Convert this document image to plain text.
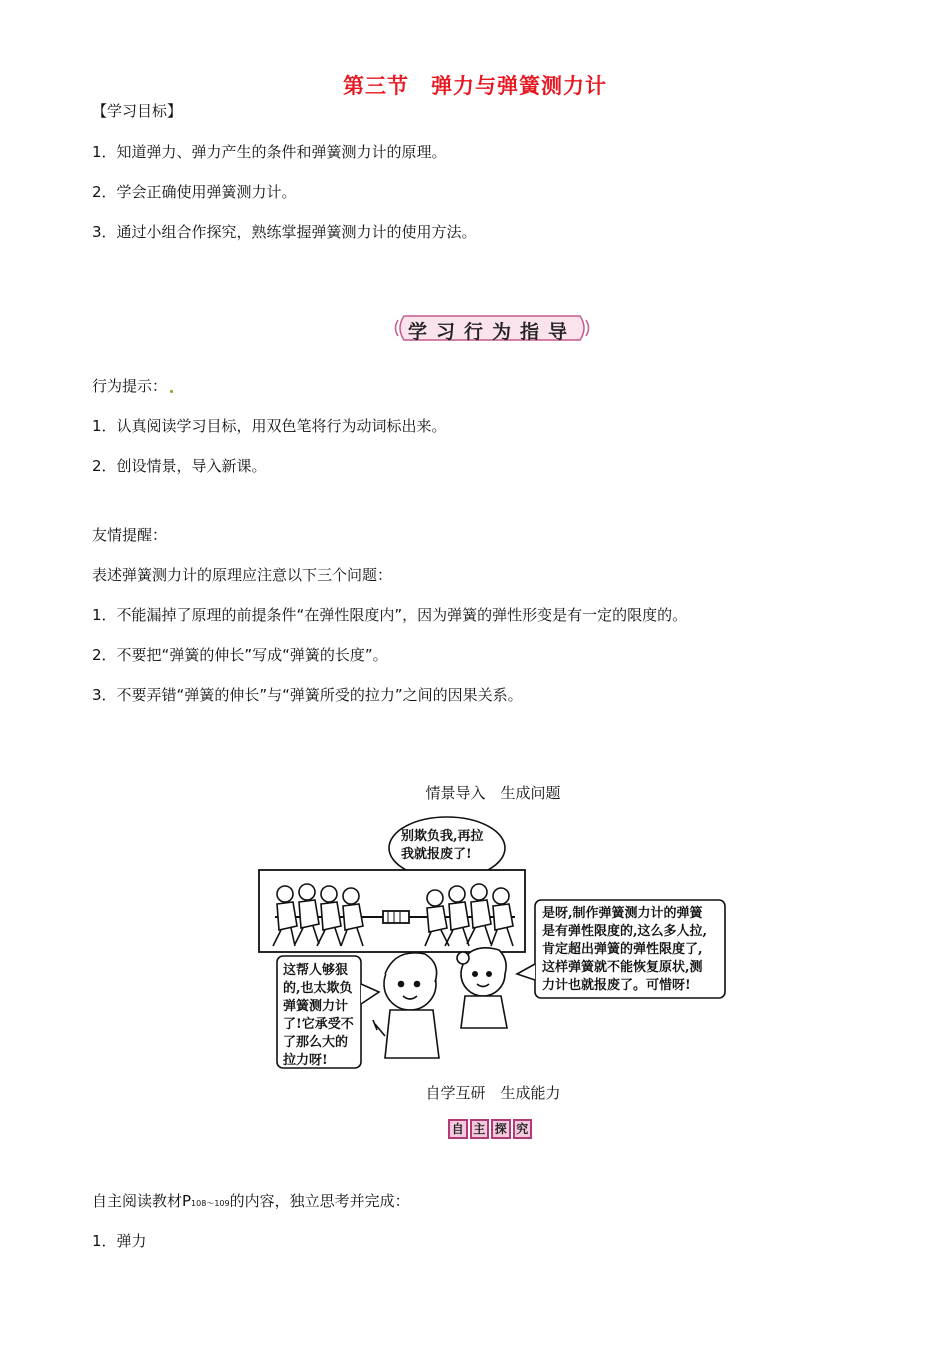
第三节　弹力与弹簧测力计
【学习目标】
1．知道弹力、弹力产生的条件和弹簧测力计的原理。
2．学会正确使用弹簧测力计。
3．通过小组合作探究，熟练掌握弹簧测力计的使用方法。
学习行为指导
行为提示：
1．认真阅读学习目标，用双色笔将行为动词标出来。
2．创设情景，导入新课。
友情提醒：
表述弹簧测力计的原理应注意以下三个问题：
1．不能漏掉了原理的前提条件“在弹性限度内”，因为弹簧的弹性形变是有一定的限度的。
2．不要把“弹簧的伸长”写成“弹簧的长度”。
3．不要弄错“弹簧的伸长”与“弹簧所受的拉力”之间的因果关系。
情景导入　生成问题
别欺负我,再拉
我就报废了!
这帮人够狠
的,也太欺负
弹簧测力计
了!它承受不
了那么大的
拉力呀!
是呀,制作弹簧测力计的弹簧
是有弹性限度的,这么多人拉,
肯定超出弹簧的弹性限度了,
这样弹簧就不能恢复原状,测
力计也就报废了。可惜呀!
自学互研　生成能力
自 主 探 究
自主阅读教材P108～109的内容，独立思考并完成：
1．弹力
